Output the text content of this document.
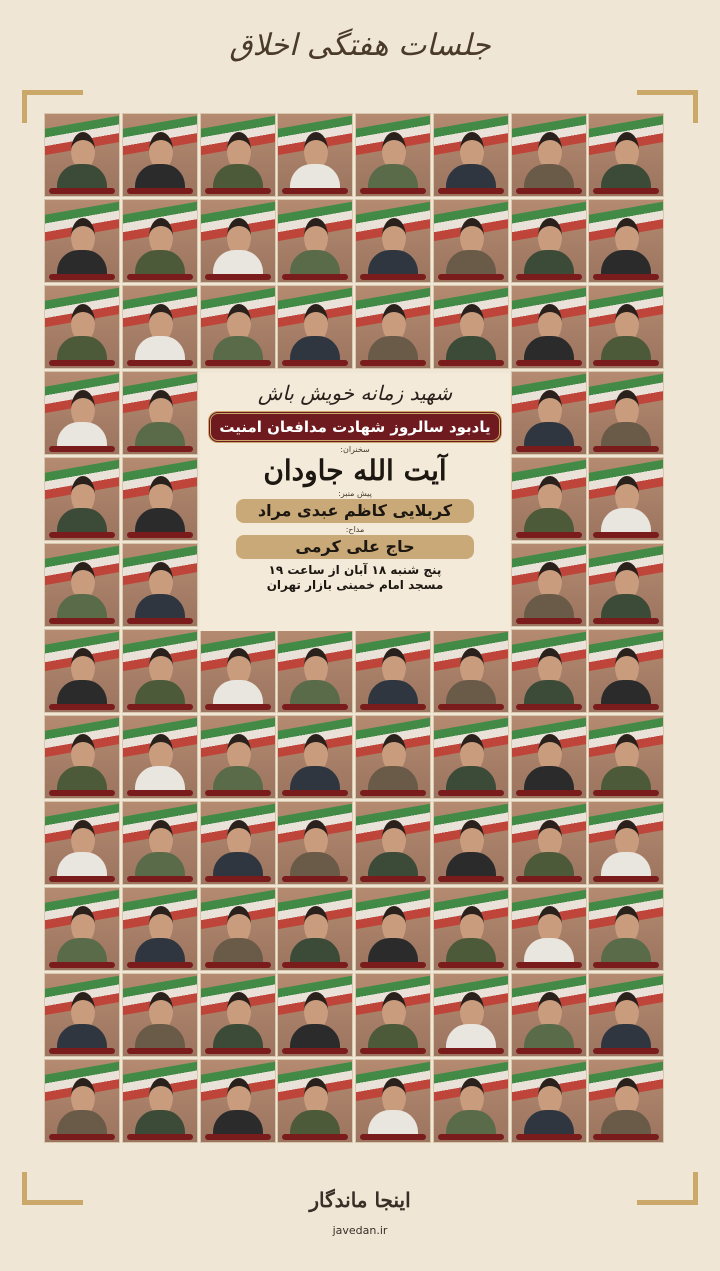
جلسات هفتگی اخلاق
شهید زمانه خویش باش
یادبود سالروز شهادت مدافعان امنیت
سخنران:
آیت الله جاودان
پیش منبر:
کربلایی کاظم عبدی مراد
مداح:
حاج علی کرمی
پنج شنبه ۱۸ آبان از ساعت ۱۹
مسجد امام خمینی بازار تهران
اینجا ماندگار
javedan.ir
